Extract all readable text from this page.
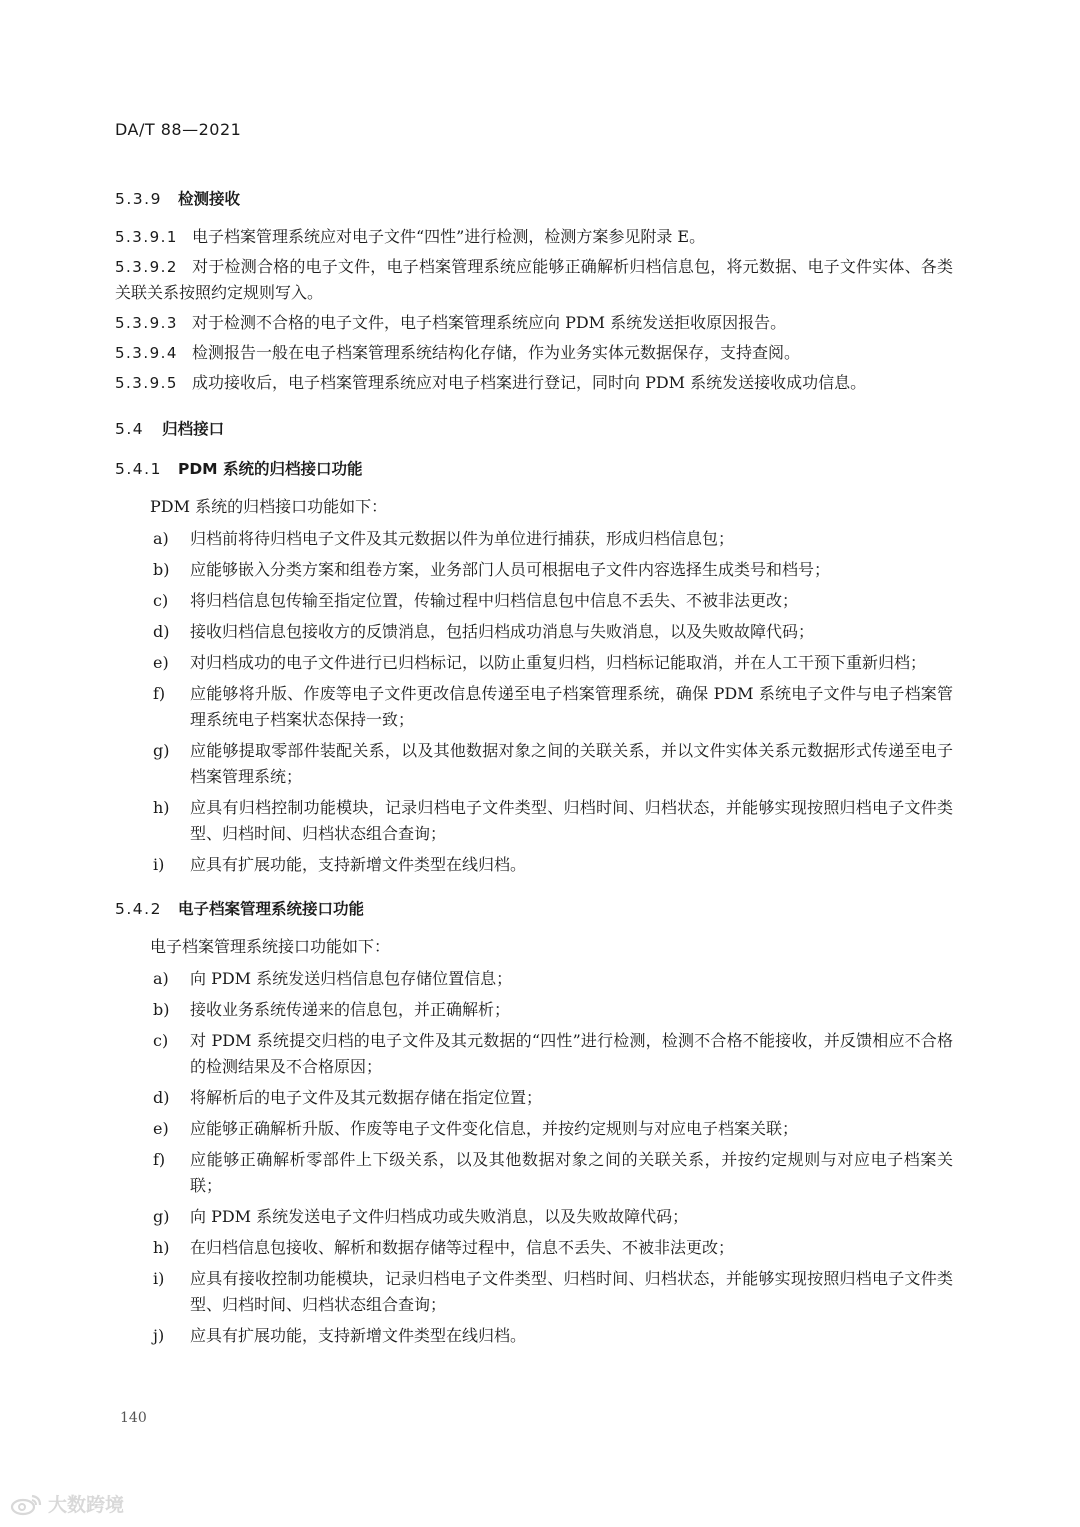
DA/T 88—2021
5.3.9 检测接收

5.3.9.1 电子档案管理系统应对电子文件“四性”进行检测，检测方案参见附录 E。

5.3.9.2 对于检测合格的电子文件，电子档案管理系统应能够正确解析归档信息包，将元数据、电子文件实体、各类关联关系按照约定规则写入。

5.3.9.3 对于检测不合格的电子文件，电子档案管理系统应向 PDM 系统发送拒收原因报告。

5.3.9.4 检测报告一般在电子档案管理系统结构化存储，作为业务实体元数据保存，支持查阅。

5.3.9.5 成功接收后，电子档案管理系统应对电子档案进行登记，同时向 PDM 系统发送接收成功信息。

5.4 归档接口
5.4.1 PDM 系统的归档接口功能

PDM 系统的归档接口功能如下：

a) 归档前将待归档电子文件及其元数据以件为单位进行捕获，形成归档信息包；
b) 应能够嵌入分类方案和组卷方案，业务部门人员可根据电子文件内容选择生成类号和档号；
c) 将归档信息包传输至指定位置，传输过程中归档信息包中信息不丢失、不被非法更改；
d) 接收归档信息包接收方的反馈消息，包括归档成功消息与失败消息，以及失败故障代码；
e) 对归档成功的电子文件进行已归档标记，以防止重复归档，归档标记能取消，并在人工干预下重新归档；
f) 应能够将升版、作废等电子文件更改信息传递至电子档案管理系统，确保 PDM 系统电子文件与电子档案管理系统电子档案状态保持一致；
g) 应能够提取零部件装配关系，以及其他数据对象之间的关联关系，并以文件实体关系元数据形式传递至电子档案管理系统；
h) 应具有归档控制功能模块，记录归档电子文件类型、归档时间、归档状态，并能够实现按照归档电子文件类型、归档时间、归档状态组合查询；
i) 应具有扩展功能，支持新增文件类型在线归档。
5.4.2 电子档案管理系统接口功能

电子档案管理系统接口功能如下：

a) 向 PDM 系统发送归档信息包存储位置信息；
b) 接收业务系统传递来的信息包，并正确解析；
c) 对 PDM 系统提交归档的电子文件及其元数据的“四性”进行检测，检测不合格不能接收，并反馈相应不合格的检测结果及不合格原因；
d) 将解析后的电子文件及其元数据存储在指定位置；
e) 应能够正确解析升版、作废等电子文件变化信息，并按约定规则与对应电子档案关联；
f) 应能够正确解析零部件上下级关系，以及其他数据对象之间的关联关系，并按约定规则与对应电子档案关联；
g) 向 PDM 系统发送电子文件归档成功或失败消息，以及失败故障代码；
h) 在归档信息包接收、解析和数据存储等过程中，信息不丢失、不被非法更改；
i) 应具有接收控制功能模块，记录归档电子文件类型、归档时间、归档状态，并能够实现按照归档电子文件类型、归档时间、归档状态组合查询；
j) 应具有扩展功能，支持新增文件类型在线归档。
140
大数跨境
